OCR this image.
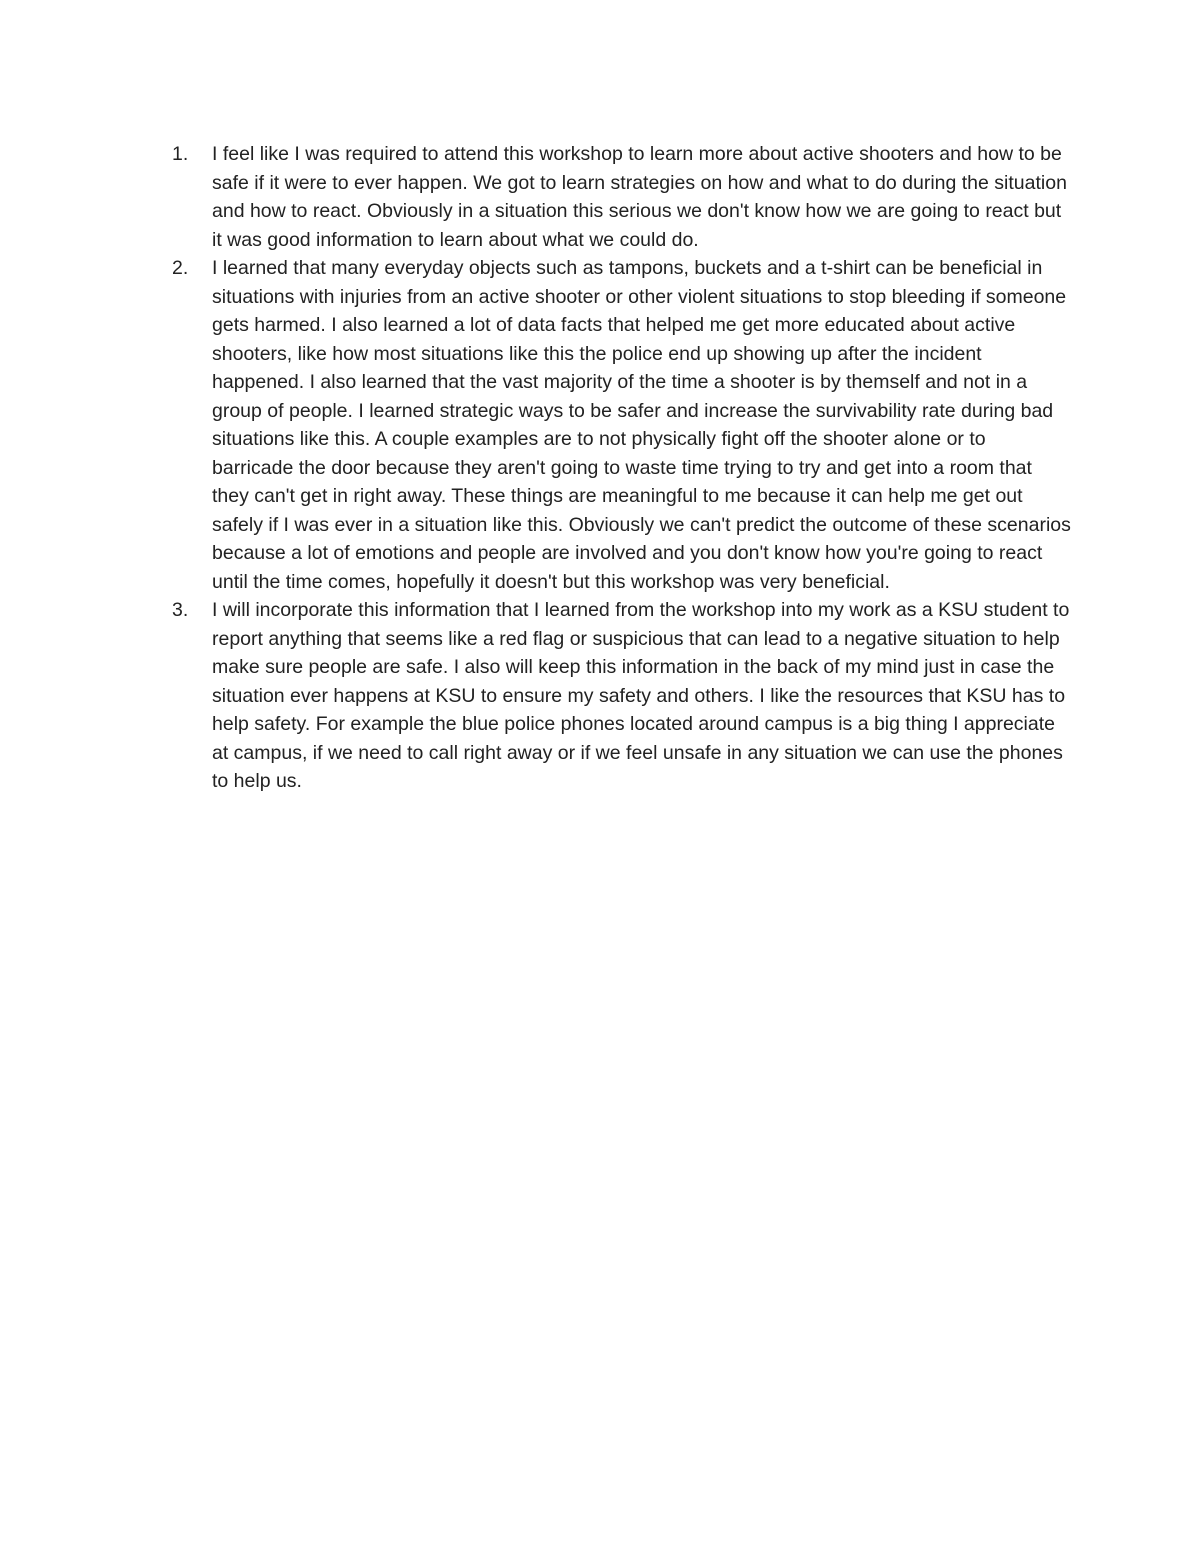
1.	I feel like I was required to attend this workshop to learn more about active shooters and how to be safe if it were to ever happen. We got to learn strategies on how and what to do during the situation and how to react. Obviously in a situation this serious we don't know how we are going to react but it was good information to learn about what we could do.

2.	I learned that many everyday objects such as tampons, buckets and a t-shirt can be beneficial in situations with injuries from an active shooter or other violent situations to stop bleeding if someone gets harmed. I also learned a lot of data facts that helped me get more educated about active shooters, like how most situations like this the police end up showing up after the incident happened. I also learned that the vast majority of the time a shooter is by themself and not in a group of people. I learned strategic ways to be safer and increase the survivability rate during bad situations like this. A couple examples are to not physically fight off the shooter alone or to barricade the door because they aren't going to waste time trying to try and get into a room that they can't get in right away. These things are meaningful to me because it can help me get out safely if I was ever in a situation like this. Obviously we can't predict the outcome of these scenarios because a lot of emotions and people are involved and you don't know how you're going to react until the time comes, hopefully it doesn't but this workshop was very beneficial.

3.	I will incorporate this information that I learned from the workshop into my work as a KSU student to report anything that seems like a red flag or suspicious that can lead to a negative situation to help make sure people are safe. I also will keep this information in the back of my mind just in case the situation ever happens at KSU to ensure my safety and others. I like the resources that KSU has to help safety. For example the blue police phones located around campus is a big thing I appreciate at campus, if we need to call right away or if we feel unsafe in any situation we can use the phones to help us.
